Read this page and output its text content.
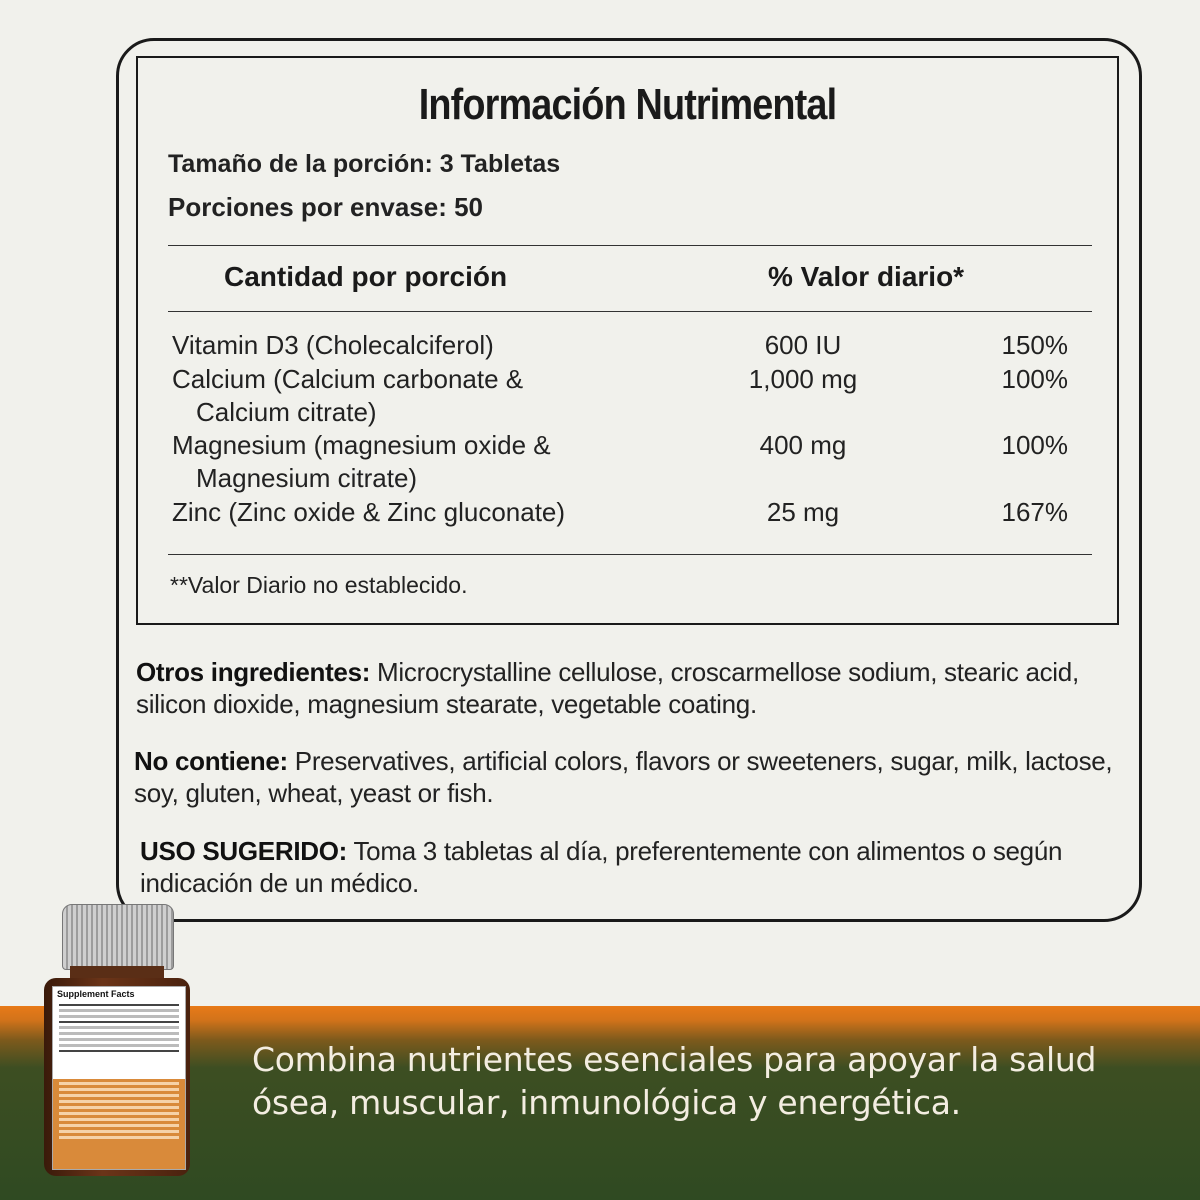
Información Nutrimental
Tamaño de la porción: 3 Tabletas
Porciones por envase: 50
Cantidad por porción	% Valor diario*
Vitamin D3 (Cholecalciferol)	600 IU	150%
Calcium (Calcium carbonate &
Calcium citrate)
1,000 mg	100%
Magnesium (magnesium oxide &
Magnesium citrate)
400 mg	100%
Zinc (Zinc oxide & Zinc gluconate)	25 mg	167%
**Valor Diario no establecido.
Otros ingredientes: Microcrystalline cellulose, croscarmellose sodium, stearic acid, silicon dioxide, magnesium stearate, vegetable coating.
No contiene: Preservatives, artificial colors, flavors or sweeteners, sugar, milk, lactose, soy, gluten, wheat, yeast or fish.
USO SUGERIDO: Toma 3 tabletas al día, preferentemente con alimentos o según indicación de un médico.
Combina nutrientes esenciales para apoyar la salud
ósea, muscular, inmunológica y energética.
Supplement Facts
